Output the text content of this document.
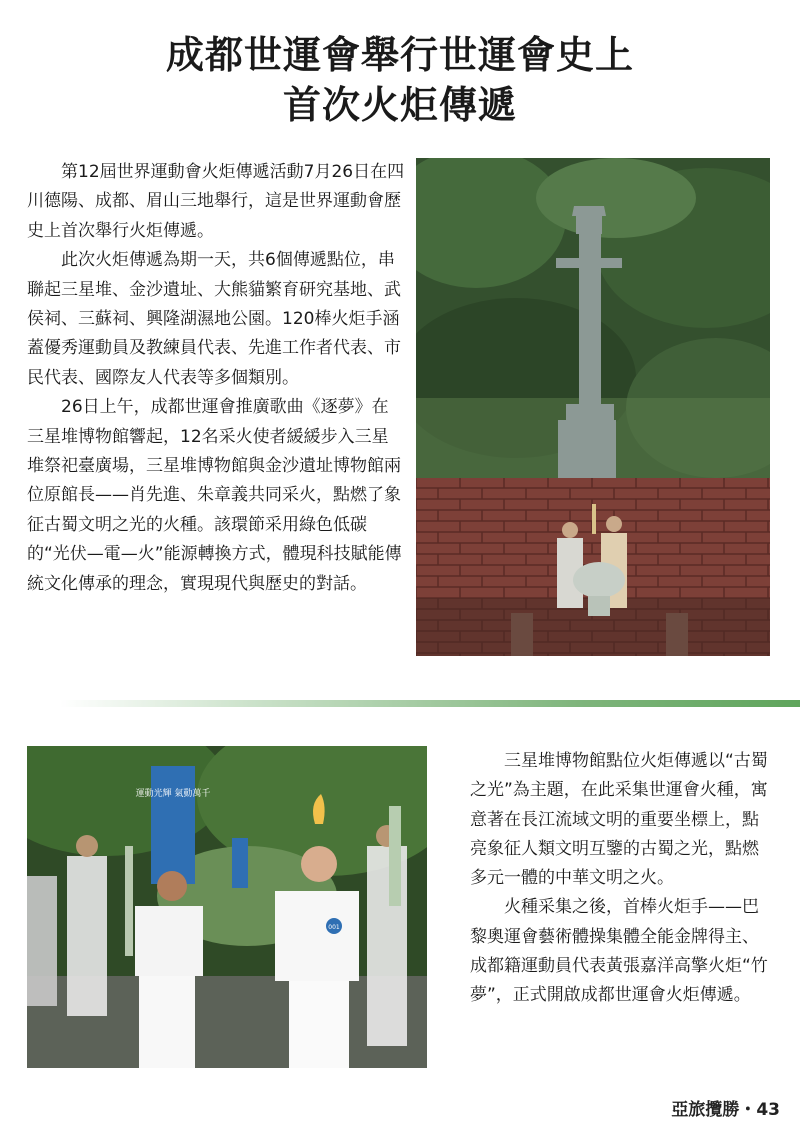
成都世運會舉行世運會史上
首次火炬傳遞

第12屆世界運動會火炬傳遞活動7月26日在四川德陽、成都、眉山三地舉行，這是世界運動會歷史上首次舉行火炬傳遞。

此次火炬傳遞為期一天，共6個傳遞點位，串聯起三星堆、金沙遺址、大熊貓繁育研究基地、武侯祠、三蘇祠、興隆湖濕地公園。120棒火炬手涵蓋優秀運動員及教練員代表、先進工作者代表、市民代表、國際友人代表等多個類別。

26日上午，成都世運會推廣歌曲《逐夢》在三星堆博物館響起，12名采火使者緩緩步入三星堆祭祀臺廣場，三星堆博物館與金沙遺址博物館兩位原館長——肖先進、朱章義共同采火，點燃了象征古蜀文明之光的火種。該環節采用綠色低碳的“光伏—電—火”能源轉換方式，體現科技賦能傳統文化傳承的理念，實現現代與歷史的對話。

運動光輝 氣動萬千
001

三星堆博物館點位火炬傳遞以“古蜀之光”為主題，在此采集世運會火種，寓意著在長江流域文明的重要坐標上，點亮象征人類文明互鑒的古蜀之光，點燃多元一體的中華文明之火。

火種采集之後，首棒火炬手——巴黎奧運會藝術體操集體全能金牌得主、成都籍運動員代表黃張嘉洋高擎火炬“竹夢”，正式開啟成都世運會火炬傳遞。

亞旅攬勝・43
